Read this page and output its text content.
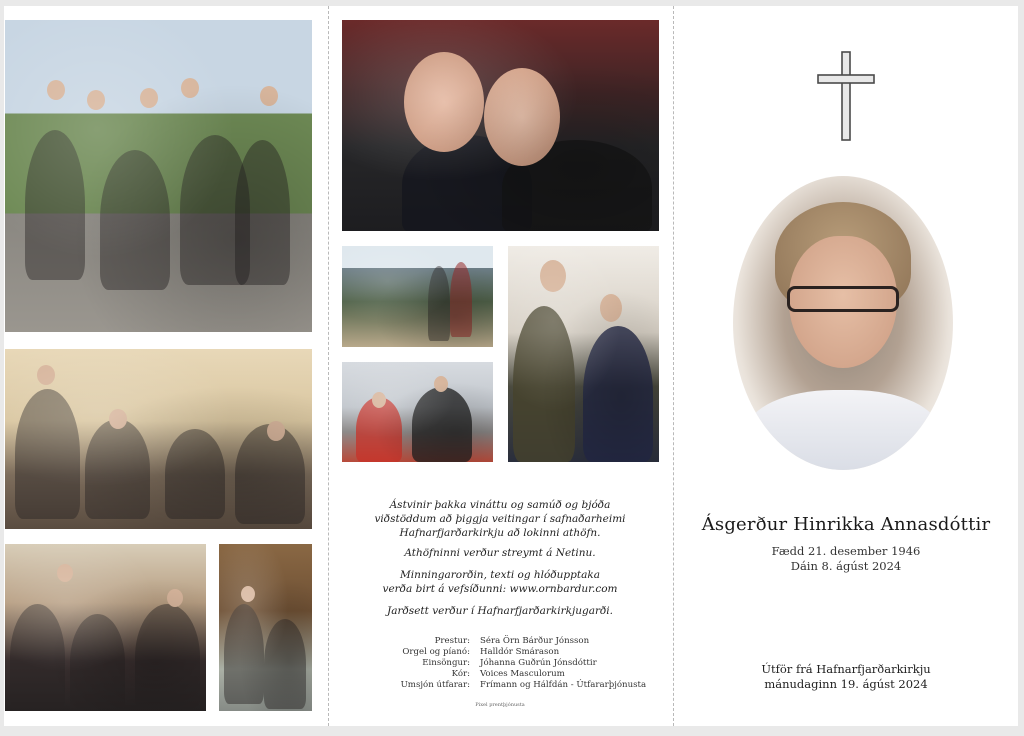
Ástvinir þakka vináttu og samúð og bjóða
viðstöddum að þiggja veitingar í safnaðarheimi
Hafnarfjarðarkirkju að lokinni athöfn.
Athöfninni verður streymt á Netinu.
Minningarorðin, texti og hlóðupptaka
verða birt á vefsíðunni: www.ornbardur.com
Jarðsett verður í Hafnarfjarðarkirkjugarði.
Prestur:	Séra Örn Bárður Jónsson
Orgel og píanó:	Halldór Smárason
Einsöngur:	Jóhanna Guðrún Jónsdóttir
Kór:	Voices Masculorum
Umsjón útfarar:	Frímann og Hálfdán - Útfararþjónusta
Pixel prentþjónusta
Ásgerður Hinrikka Annasdóttir
Fædd 21. desember 1946
Dáin 8. ágúst 2024
Útför frá Hafnarfjarðarkirkju
mánudaginn 19. ágúst 2024
